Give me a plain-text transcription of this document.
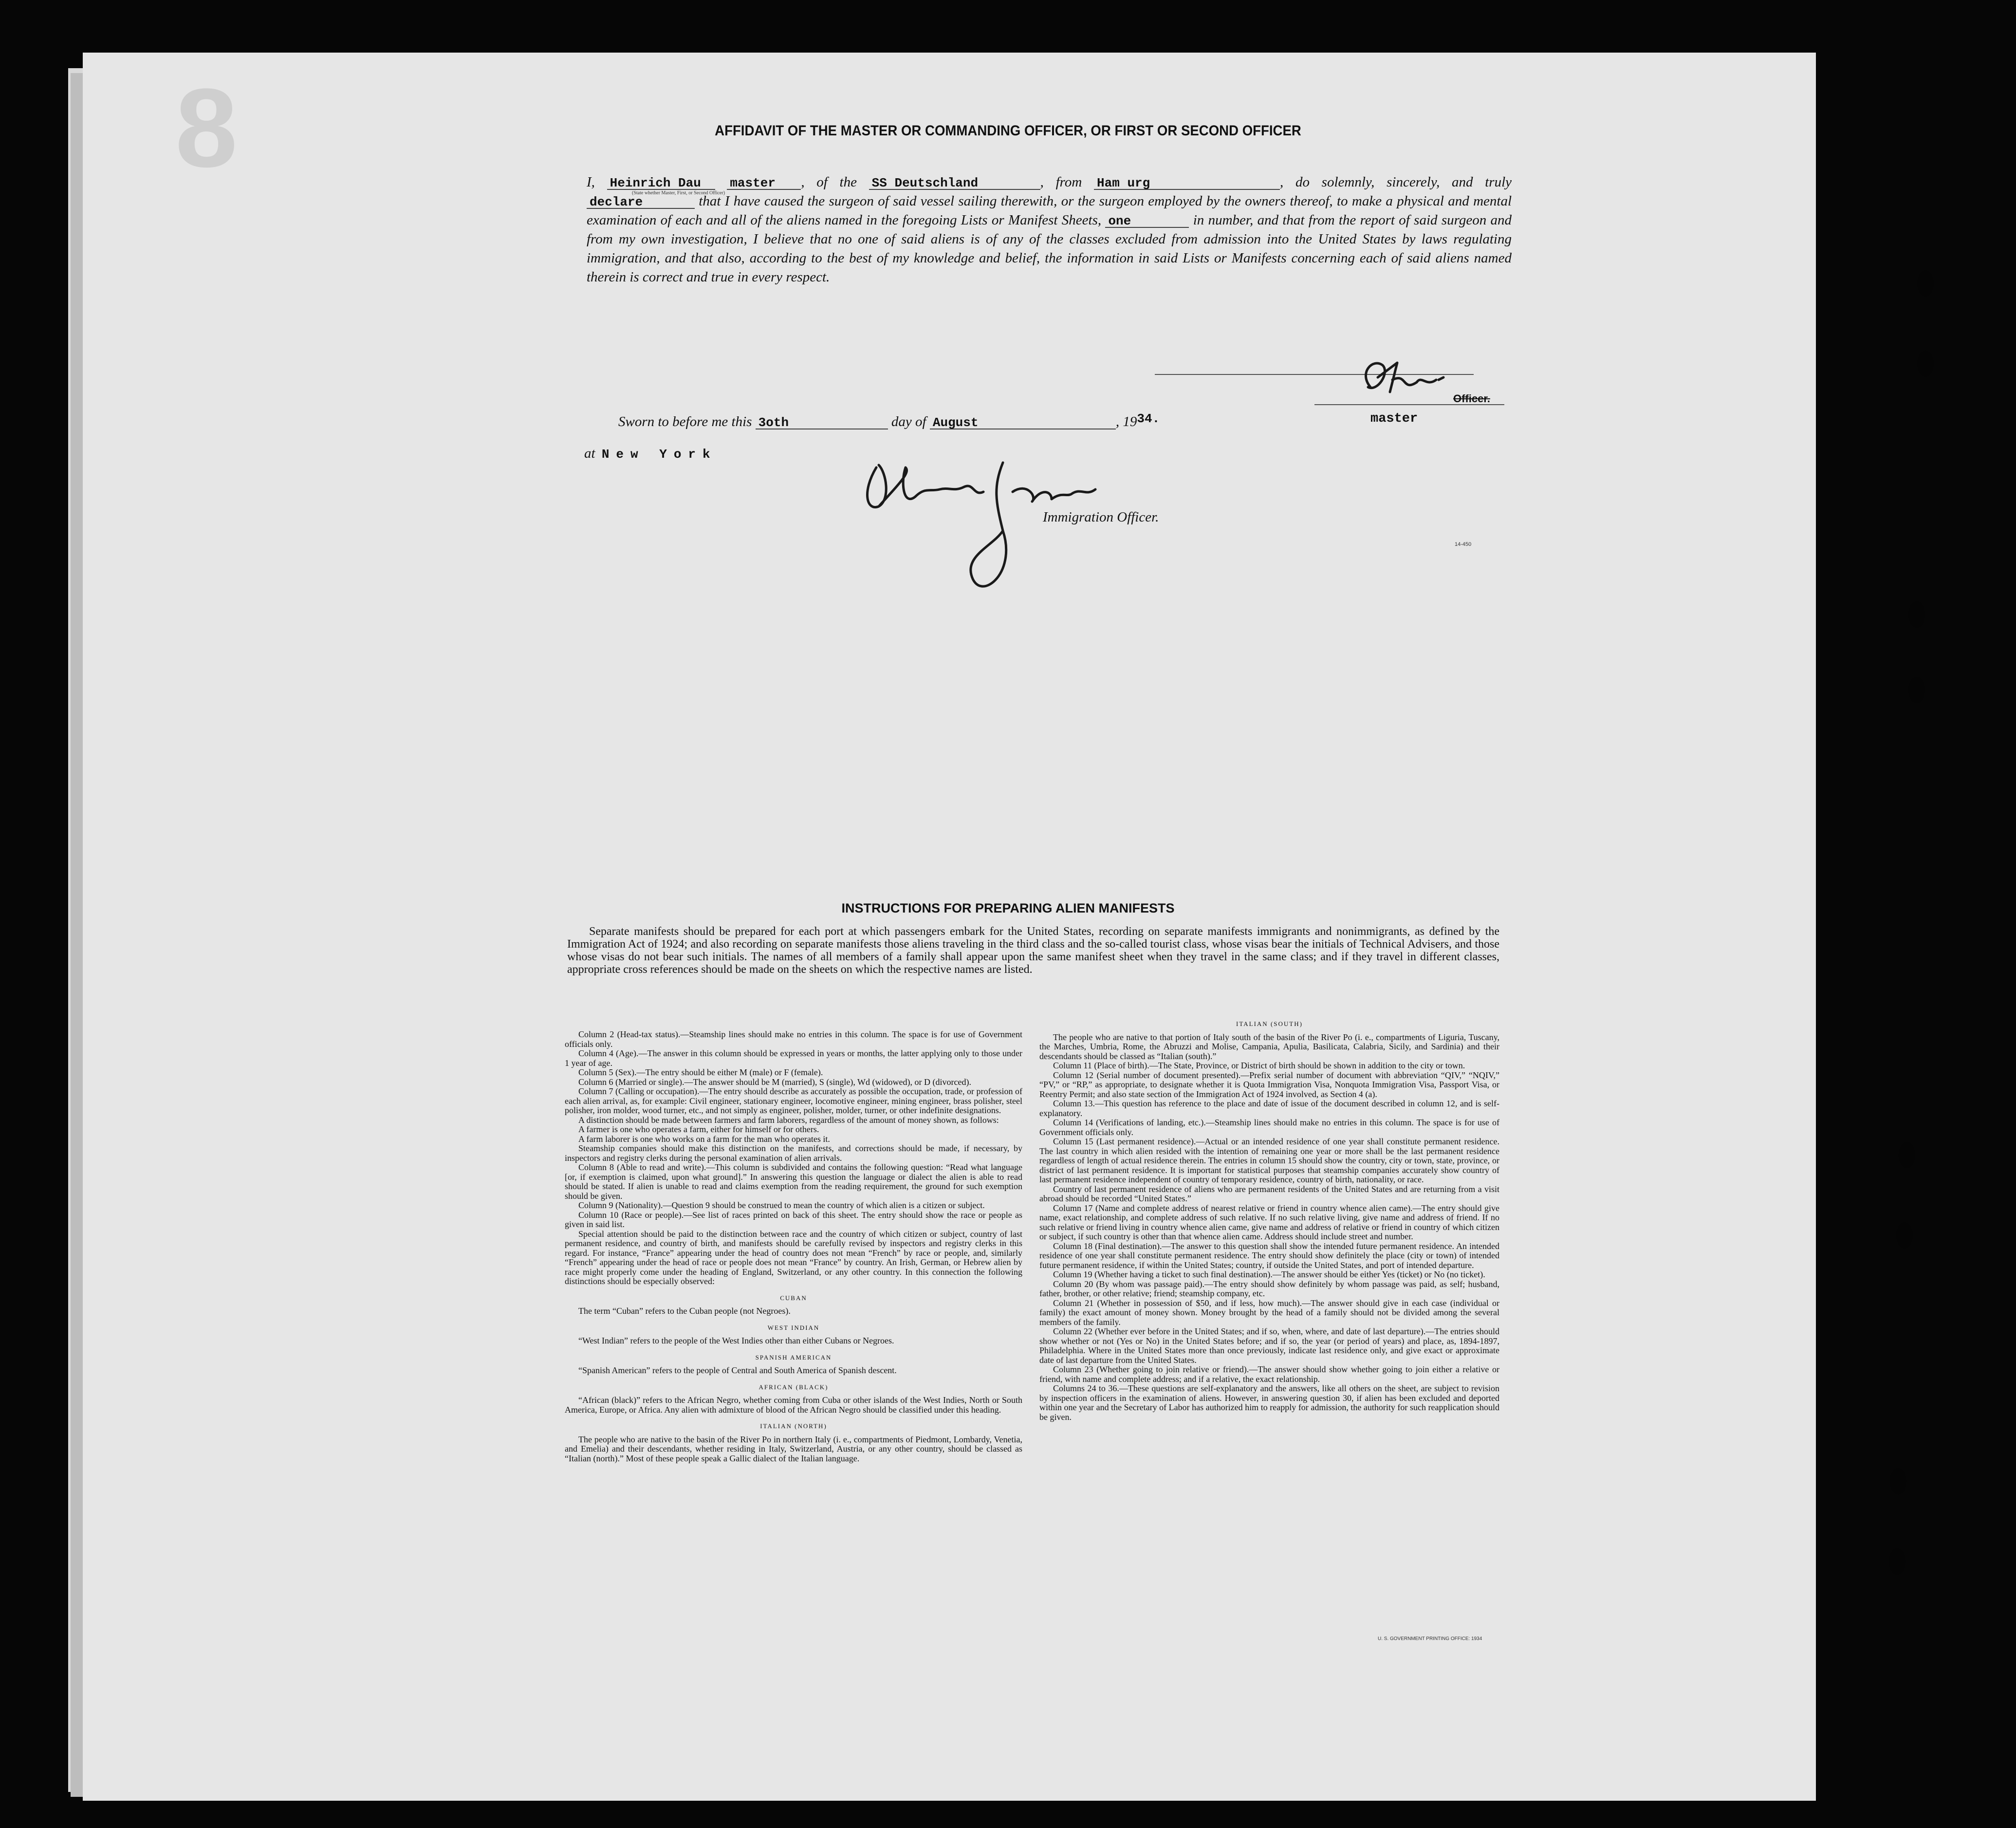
8	AFFIDAVIT OF THE MASTER OR COMMANDING OFFICER, OR FIRST OR SECOND OFFICER
I, Heinrich Dau master , of the SS Deutschland	, from Ham urg	, do solemnly, sincerely, and truly declare	that I have caused the surgeon of said vessel sailing therewith, or the surgeon employed by the owners thereof, to make a physical and mental examination of each and all of the aliens named in the foregoing Lists or Manifest Sheets, one	in number, and that from the report of said surgeon and from my own investigation, I believe that no one of said aliens is of any of the classes excluded from admission into the United States by laws regulating immigration, and that also, according to the best of my knowledge and belief, the information in said Lists or Manifests concerning each of said aliens named therein is correct and true in every respect.
(State whether Master, First, or Second Officer)
Officer.
master
Sworn to before me this 3oth	day of August	, 1934.
at New York
Immigration Officer.
14-450
INSTRUCTIONS FOR PREPARING ALIEN MANIFESTS
Separate manifests should be prepared for each port at which passengers embark for the United States, recording on separate manifests immigrants and nonimmigrants, as defined by the Immigration Act of 1924; and also recording on separate manifests those aliens traveling in the third class and the so-called tourist class, whose visas bear the initials of Technical Advisers, and those whose visas do not bear such initials. The names of all members of a family shall appear upon the same manifest sheet when they travel in the same class; and if they travel in different classes, appropriate cross references should be made on the sheets on which the respective names are listed.

Column 2 (Head-tax status).—Steamship lines should make no entries in this column. The space is for use of Government officials only.

Column 4 (Age).—The answer in this column should be expressed in years or months, the latter applying only to those under 1 year of age.

Column 5 (Sex).—The entry should be either M (male) or F (female).

Column 6 (Married or single).—The answer should be M (married), S (single), Wd (widowed), or D (divorced).

Column 7 (Calling or occupation).—The entry should describe as accurately as possible the occupation, trade, or profession of each alien arrival, as, for example: Civil engineer, stationary engineer, locomotive engineer, mining engineer, brass polisher, steel polisher, iron molder, wood turner, etc., and not simply as engineer, polisher, molder, turner, or other indefinite designations.

A distinction should be made between farmers and farm laborers, regardless of the amount of money shown, as follows:

A farmer is one who operates a farm, either for himself or for others.

A farm laborer is one who works on a farm for the man who operates it.

Steamship companies should make this distinction on the manifests, and corrections should be made, if necessary, by inspectors and registry clerks during the personal examination of alien arrivals.

Column 8 (Able to read and write).—This column is subdivided and contains the following question: “Read what language [or, if exemption is claimed, upon what ground].” In answering this question the language or dialect the alien is able to read should be stated. If alien is unable to read and claims exemption from the reading requirement, the ground for such exemption should be given.

Column 9 (Nationality).—Question 9 should be construed to mean the country of which alien is a citizen or subject.

Column 10 (Race or people).—See list of races printed on back of this sheet. The entry should show the race or people as given in said list.

Special attention should be paid to the distinction between race and the country of which citizen or subject, country of last permanent residence, and country of birth, and manifests should be carefully revised by inspectors and registry clerks in this regard. For instance, “France” appearing under the head of country does not mean “French” by race or people, and, similarly “French” appearing under the head of race or people does not mean “France” by country. An Irish, German, or Hebrew alien by race might properly come under the heading of England, Switzerland, or any other country. In this connection the following distinctions should be especially observed:

CUBAN

The term “Cuban” refers to the Cuban people (not Negroes).

WEST INDIAN

“West Indian” refers to the people of the West Indies other than either Cubans or Negroes.

SPANISH AMERICAN

“Spanish American” refers to the people of Central and South America of Spanish descent.

AFRICAN (BLACK)

“African (black)” refers to the African Negro, whether coming from Cuba or other islands of the West Indies, North or South America, Europe, or Africa. Any alien with admixture of blood of the African Negro should be classified under this heading.

ITALIAN (NORTH)

The people who are native to the basin of the River Po in northern Italy (i. e., compartments of Piedmont, Lombardy, Venetia, and Emelia) and their descendants, whether residing in Italy, Switzerland, Austria, or any other country, should be classed as “Italian (north).” Most of these people speak a Gallic dialect of the Italian language.

ITALIAN (SOUTH)

The people who are native to that portion of Italy south of the basin of the River Po (i. e., compartments of Liguria, Tuscany, the Marches, Umbria, Rome, the Abruzzi and Molise, Campania, Apulia, Basilicata, Calabria, Sicily, and Sardinia) and their descendants should be classed as “Italian (south).”

Column 11 (Place of birth).—The State, Province, or District of birth should be shown in addition to the city or town.

Column 12 (Serial number of document presented).—Prefix serial number of document with abbreviation “QIV,” “NQIV,” “PV,” or “RP,” as appropriate, to designate whether it is Quota Immigration Visa, Nonquota Immigration Visa, Passport Visa, or Reentry Permit; and also state section of the Immigration Act of 1924 involved, as Section 4 (a).

Column 13.—This question has reference to the place and date of issue of the document described in column 12, and is self-explanatory.

Column 14 (Verifications of landing, etc.).—Steamship lines should make no entries in this column. The space is for use of Government officials only.

Column 15 (Last permanent residence).—Actual or an intended residence of one year shall constitute permanent residence. The last country in which alien resided with the intention of remaining one year or more shall be the last permanent residence regardless of length of actual residence therein. The entries in column 15 should show the country, city or town, state, province, or district of last permanent residence. It is important for statistical purposes that steamship companies accurately show country of last permanent residence independent of country of temporary residence, country of birth, nationality, or race.

Country of last permanent residence of aliens who are permanent residents of the United States and are returning from a visit abroad should be recorded “United States.”

Column 17 (Name and complete address of nearest relative or friend in country whence alien came).—The entry should give name, exact relationship, and complete address of such relative. If no such relative living, give name and address of friend. If no such relative or friend living in country whence alien came, give name and address of relative or friend in country of which citizen or subject, if such country is other than that whence alien came. Address should include street and number.

Column 18 (Final destination).—The answer to this question shall show the intended future permanent residence. An intended residence of one year shall constitute permanent residence. The entry should show definitely the place (city or town) of intended future permanent residence, if within the United States; country, if outside the United States, and port of intended departure.

Column 19 (Whether having a ticket to such final destination).—The answer should be either Yes (ticket) or No (no ticket).

Column 20 (By whom was passage paid).—The entry should show definitely by whom passage was paid, as self; husband, father, brother, or other relative; friend; steamship company, etc.

Column 21 (Whether in possession of $50, and if less, how much).—The answer should give in each case (individual or family) the exact amount of money shown. Money brought by the head of a family should not be divided among the several members of the family.

Column 22 (Whether ever before in the United States; and if so, when, where, and date of last departure).—The entries should show whether or not (Yes or No) in the United States before; and if so, the year (or period of years) and place, as, 1894-1897, Philadelphia. Where in the United States more than once previously, indicate last residence only, and give exact or approximate date of last departure from the United States.

Column 23 (Whether going to join relative or friend).—The answer should show whether going to join either a relative or friend, with name and complete address; and if a relative, the exact relationship.

Columns 24 to 36.—These questions are self-explanatory and the answers, like all others on the sheet, are subject to revision by inspection officers in the examination of aliens. However, in answering question 30, if alien has been excluded and deported within one year and the Secretary of Labor has authorized him to reapply for admission, the authority for such reapplication should be given.

U. S. GOVERNMENT PRINTING OFFICE: 1934
